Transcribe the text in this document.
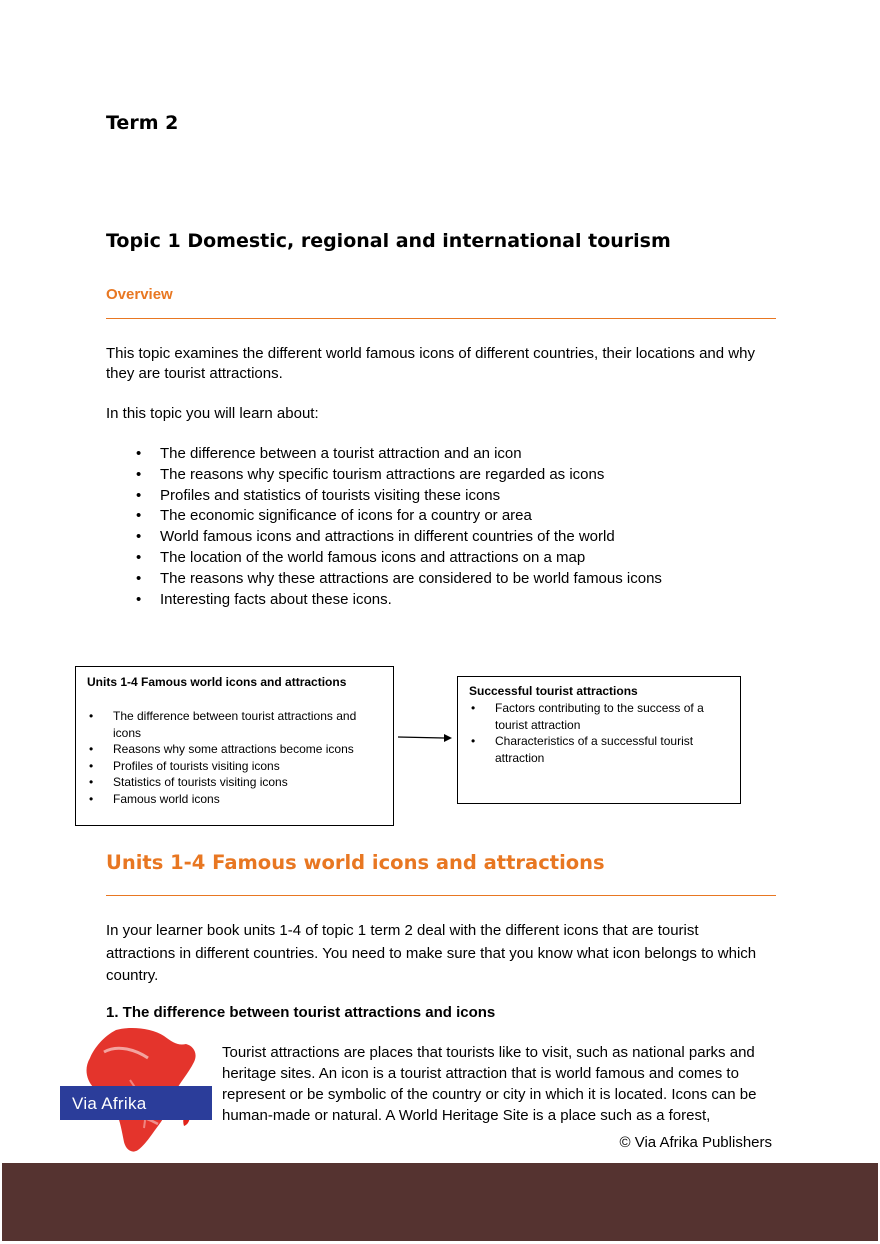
Term 2
Topic 1 Domestic, regional and international tourism
Overview
This topic examines the different world famous icons of different countries, their locations and why they are tourist attractions.
In this topic you will learn about:
• The difference between a tourist attraction and an icon
• The reasons why specific tourism attractions are regarded as icons
• Profiles and statistics of tourists visiting these icons
• The economic significance of icons for a country or area
• World famous icons and attractions in different countries of the world
• The location of the world famous icons and attractions on a map
• The reasons why these attractions are considered to be world famous icons
• Interesting facts about these icons.
Units 1-4 Famous world icons and attractions
• The difference between tourist attractions and icons
• Reasons why some attractions become icons
• Profiles of tourists visiting icons
• Statistics of tourists visiting icons
• Famous world icons
Successful tourist attractions
• Factors contributing to the success of a tourist attraction
• Characteristics of a successful tourist attraction
Units 1-4 Famous world icons and attractions
In your learner book units 1-4 of topic 1 term 2 deal with the different icons that are tourist attractions in different countries. You need to make sure that you know what icon belongs to which country.
1. The difference between tourist attractions and icons
Via Afrika
Tourist attractions are places that tourists like to visit, such as national parks and heritage sites. An icon is a tourist attraction that is world famous and comes to represent or be symbolic of the country or city in which it is located. Icons can be human-made or natural. A World Heritage Site is a place such as a forest,
© Via Afrika Publishers
